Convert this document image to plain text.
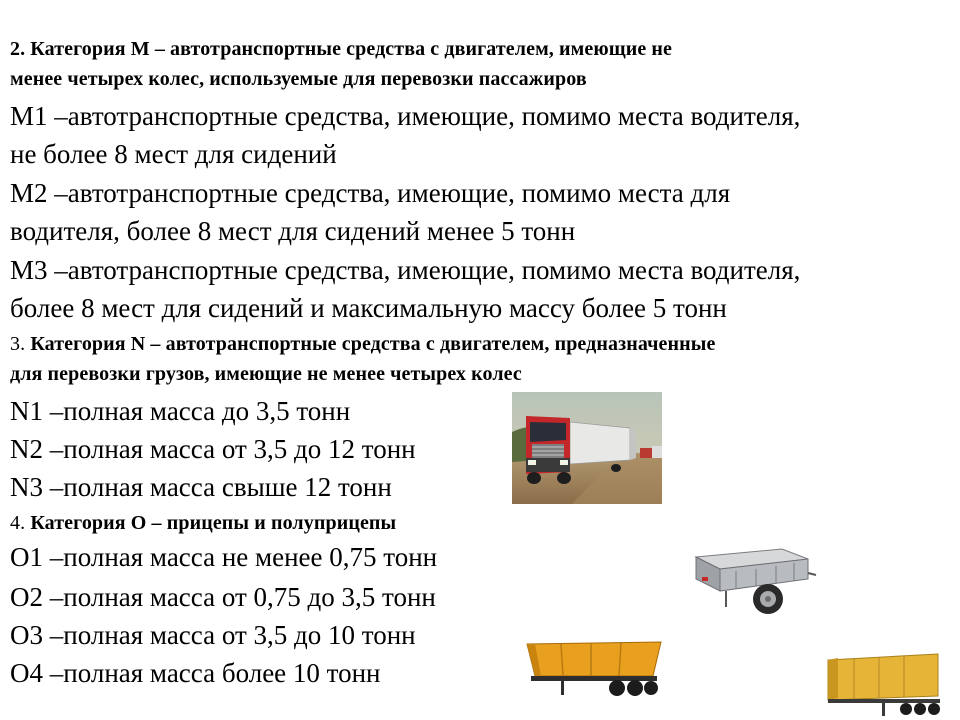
2. Категория М – автотранспортные средства с двигателем, имеющие не
менее четырех колес, используемые для перевозки пассажиров
М1 –автотранспортные средства, имеющие, помимо места водителя,
не более 8 мест для сидений
М2 –автотранспортные средства, имеющие, помимо места для
водителя, более 8 мест для сидений менее 5 тонн
М3 –автотранспортные средства, имеющие, помимо места водителя,
более 8 мест для сидений и максимальную массу более 5 тонн
3. Категория N – автотранспортные средства с двигателем, предназначенные
для перевозки грузов, имеющие не менее четырех колес
N1 –полная масса до 3,5 тонн
N2 –полная масса от 3,5 до 12 тонн
N3 –полная масса свыше 12 тонн
4. Категория О – прицепы и полуприцепы
О1 –полная масса не менее 0,75 тонн
О2 –полная масса от 0,75 до 3,5 тонн
О3 –полная масса от 3,5 до 10 тонн
О4 –полная масса более 10 тонн
